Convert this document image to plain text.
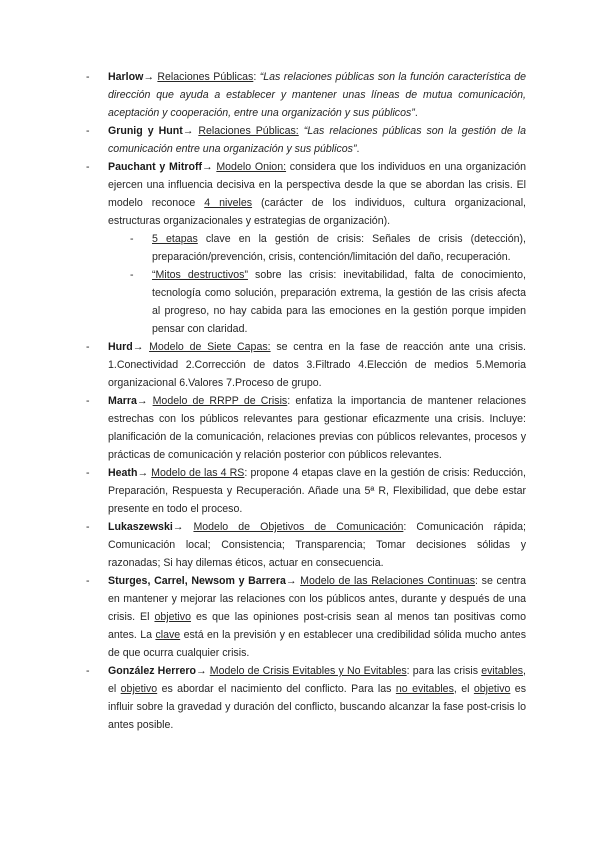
- Harlow→ Relaciones Públicas: “Las relaciones públicas son la función característica de dirección que ayuda a establecer y mantener unas líneas de mutua comunicación, aceptación y cooperación, entre una organización y sus públicos”.
- Grunig y Hunt→ Relaciones Públicas: “Las relaciones públicas son la gestión de la comunicación entre una organización y sus públicos”.
- Pauchant y Mitroff→ Modelo Onion: considera que los individuos en una organización ejercen una influencia decisiva en la perspectiva desde la que se abordan las crisis. El modelo reconoce 4 niveles (carácter de los individuos, cultura organizacional, estructuras organizacionales y estrategias de organización).
- 5 etapas clave en la gestión de crisis: Señales de crisis (detección), preparación/prevención, crisis, contención/limitación del daño, recuperación.
- “Mitos destructivos” sobre las crisis: inevitabilidad, falta de conocimiento, tecnología como solución, preparación extrema, la gestión de las crisis afecta al progreso, no hay cabida para las emociones en la gestión porque impiden pensar con claridad.
- Hurd→ Modelo de Siete Capas: se centra en la fase de reacción ante una crisis. 1.Conectividad 2.Corrección de datos 3.Filtrado 4.Elección de medios 5.Memoria organizacional 6.Valores 7.Proceso de grupo.
- Marra→ Modelo de RRPP de Crisis: enfatiza la importancia de mantener relaciones estrechas con los públicos relevantes para gestionar eficazmente una crisis. Incluye: planificación de la comunicación, relaciones previas con públicos relevantes, procesos y prácticas de comunicación y relación posterior con públicos relevantes.
- Heath→ Modelo de las 4 RS: propone 4 etapas clave en la gestión de crisis: Reducción, Preparación, Respuesta y Recuperación. Añade una 5ª R, Flexibilidad, que debe estar presente en todo el proceso.
- Lukaszewski→ Modelo de Objetivos de Comunicación: Comunicación rápida; Comunicación local; Consistencia; Transparencia; Tomar decisiones sólidas y razonadas; Si hay dilemas éticos, actuar en consecuencia.
- Sturges, Carrel, Newsom y Barrera→ Modelo de las Relaciones Continuas: se centra en mantener y mejorar las relaciones con los públicos antes, durante y después de una crisis. El objetivo es que las opiniones post-crisis sean al menos tan positivas como antes. La clave está en la previsión y en establecer una credibilidad sólida mucho antes de que ocurra cualquier crisis.
- González Herrero→ Modelo de Crisis Evitables y No Evitables: para las crisis evitables, el objetivo es abordar el nacimiento del conflicto. Para las no evitables, el objetivo es influir sobre la gravedad y duración del conflicto, buscando alcanzar la fase post-crisis lo antes posible.
